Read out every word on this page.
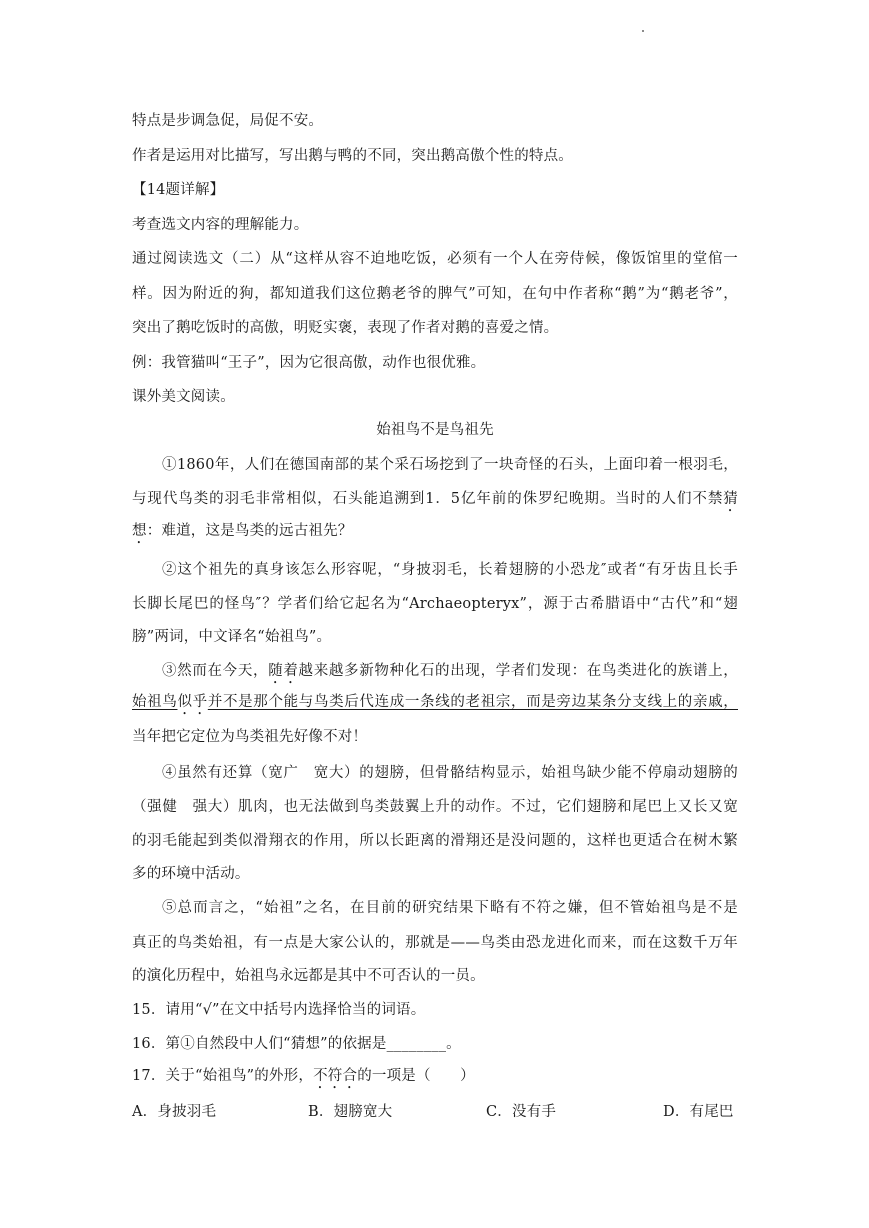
特点是步调急促，局促不安。
作者是运用对比描写，写出鹅与鸭的不同，突出鹅高傲个性的特点。
【14题详解】
考查选文内容的理解能力。
通过阅读选文（二）从“这样从容不迫地吃饭，必须有一个人在旁侍候，像饭馆里的堂倌一
样。因为附近的狗，都知道我们这位鹅老爷的脾气”可知，在句中作者称“鹅”为“鹅老爷”，
突出了鹅吃饭时的高傲，明贬实褒，表现了作者对鹅的喜爱之情。
例：我管猫叫“王子”，因为它很高傲，动作也很优雅。
课外美文阅读。
始祖鸟不是鸟祖先
①1860年，人们在德国南部的某个采石场挖到了一块奇怪的石头，上面印着一根羽毛，
与现代鸟类的羽毛非常相似，石头能追溯到1．5亿年前的侏罗纪晚期。当时的人们不禁猜
想：难道，这是鸟类的远古祖先？
②这个祖先的真身该怎么形容呢，“身披羽毛，长着翅膀的小恐龙″或者“有牙齿且长手
长脚长尾巴的怪鸟″？学者们给它起名为“Archaeopteryx”，源于古希腊语中“古代”和“翅
膀”两词，中文译名“始祖鸟”。
③然而在今天，随着越来越多新物种化石的出现，学者们发现：在鸟类进化的族谱上，
始祖鸟似乎并不是那个能与鸟类后代连成一条线的老祖宗，而是旁边某条分支线上的亲戚，
当年把它定位为鸟类祖先好像不对！
④虽然有还算（宽广　宽大）的翅膀，但骨骼结构显示，始祖鸟缺少能不停扇动翅膀的
（强健　强大）肌肉，也无法做到鸟类鼓翼上升的动作。不过，它们翅膀和尾巴上又长又宽
的羽毛能起到类似滑翔衣的作用，所以长距离的滑翔还是没问题的，这样也更适合在树木繁
多的环境中活动。
⑤总而言之，“始祖”之名，在目前的研究结果下略有不符之嫌，但不管始祖鸟是不是
真正的鸟类始祖，有一点是大家公认的，那就是——鸟类由恐龙进化而来，而在这数千万年
的演化历程中，始祖鸟永远都是其中不可否认的一员。
15．请用“√”在文中括号内选择恰当的词语。
16．第①自然段中人们“猜想”的依据是________。
17．关于“始祖鸟”的外形，不符合的一项是（　　）
A．身披羽毛	B．翅膀宽大	C．没有手	D．有尾巴
